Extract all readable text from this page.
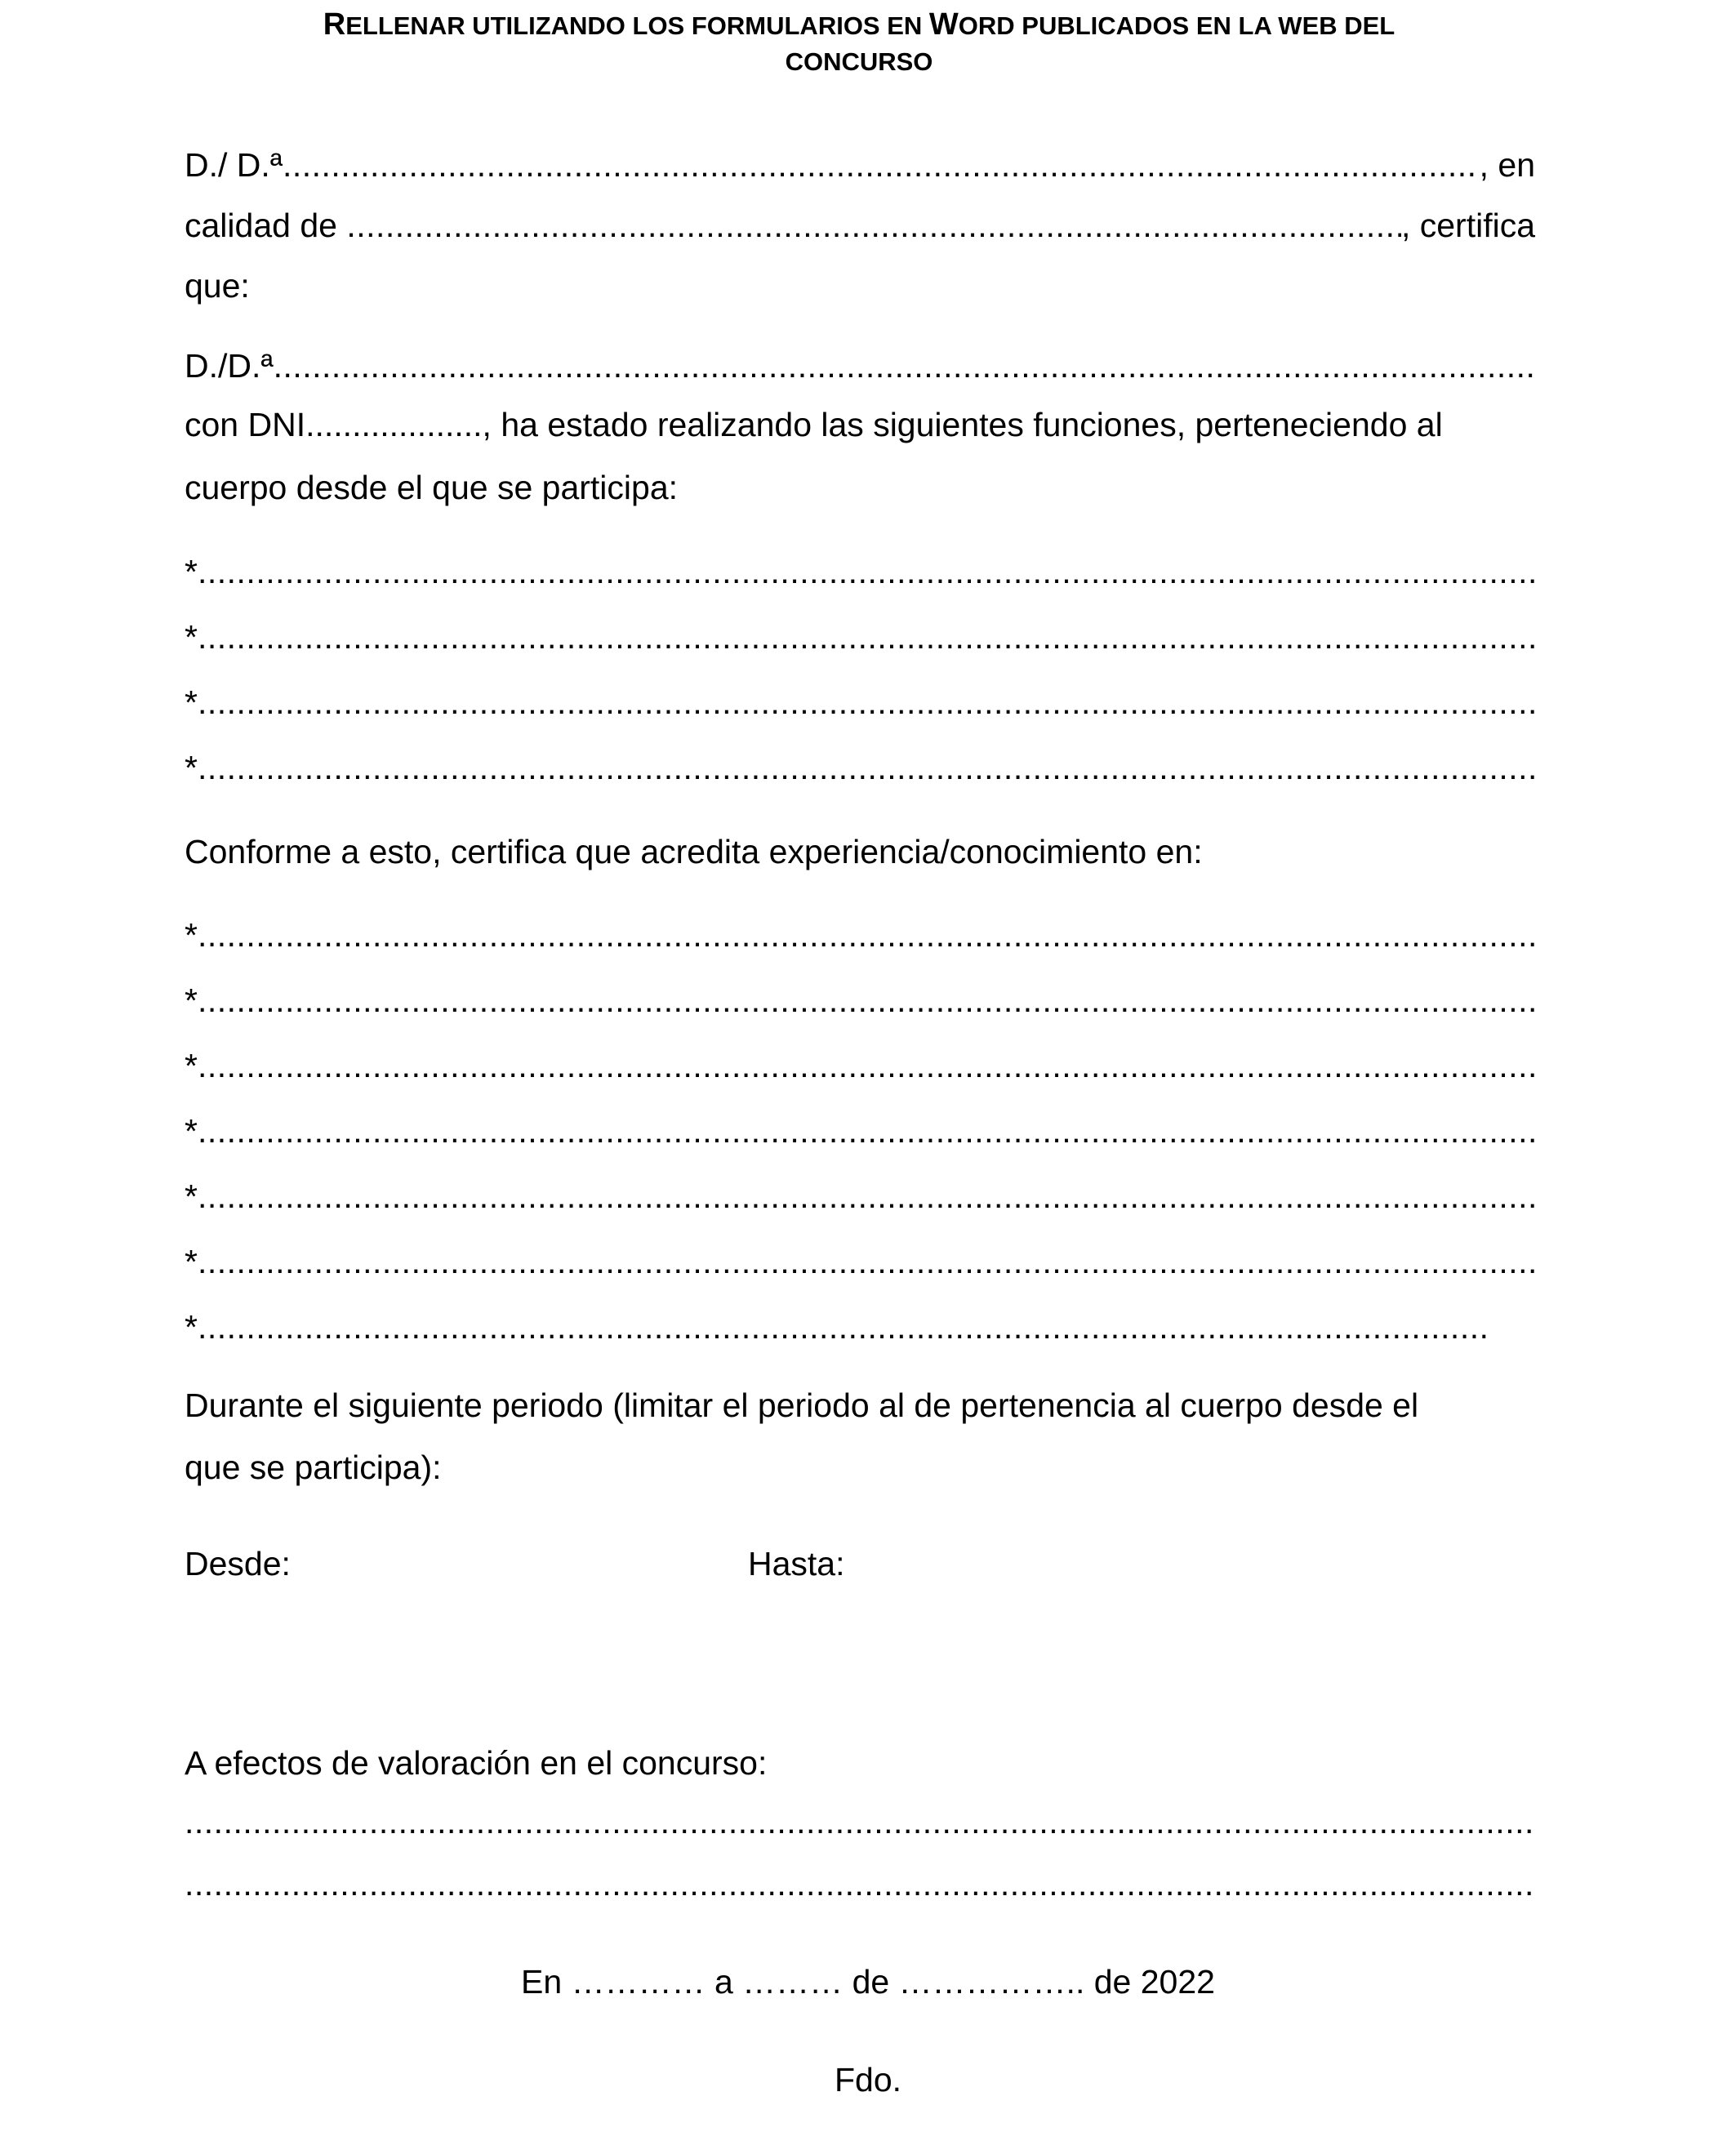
RELLENAR UTILIZANDO LOS FORMULARIOS EN WORD PUBLICADOS EN LA WEB DEL
CONCURSO
D./ D.ª .....	, en
calidad de .....	, certifica
que:
D./D.ª
.....
con DNI..................., ha estado realizando las siguientes funciones, perteneciendo al
cuerpo desde el que se participa:
*
.....
*
.....
*
.....
*
.....
Conforme a esto, certifica que acredita experiencia/conocimiento en:
*
.....
*
.....
*
.....
*
.....
*
.....
*
.....
*
.....
Durante el siguiente periodo (limitar el periodo al de pertenencia al cuerpo desde el
que se participa):
Desde:	Hasta:
A efectos de valoración en el concurso:
.....
.....
En ………… a ……… de …………….. de 2022
Fdo.
